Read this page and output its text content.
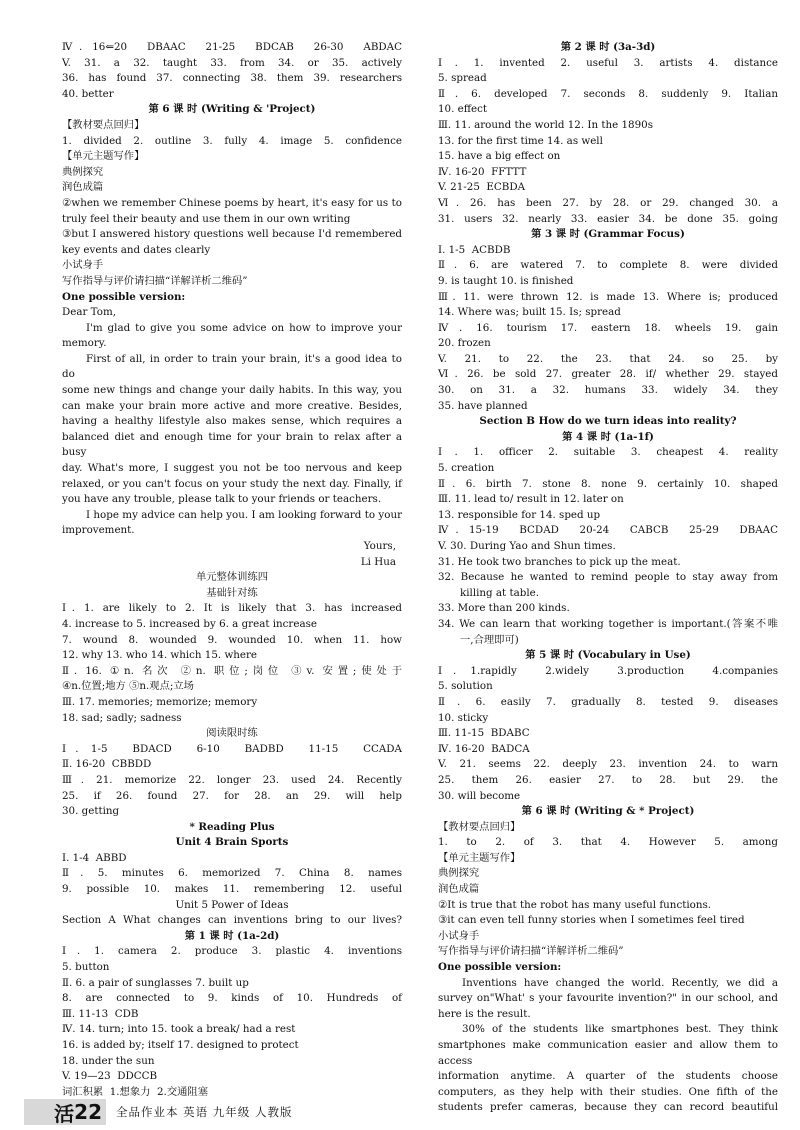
Ⅳ. 16⇐20  DBAAC  21-25  BDCAB  26-30  ABDAC
V. 31. a 32. taught 33. from 34. or 35. actively
36. has found 37. connecting 38. them 39. researchers
40. better
第 6 课 时 (Writing & 'Project)
【教材要点回归】
1. divided 2. outline 3. fully 4. image 5. confidence
【单元主题写作】
典例探究
润色成篇
②when we remember Chinese poems by heart, it's easy for us to
truly feel their beauty and use them in our own writing
③but I answered history questions well because I'd remembered
key events and dates clearly
小试身手
写作指导与评价请扫描“详解详析二维码”
One possible version:
Dear Tom,
I'm glad to give you some advice on how to improve your
memory.
First of all, in order to train your brain, it's a good idea to do
some new things and change your daily habits. In this way, you
can make your brain more active and more creative. Besides,
having a healthy lifestyle also makes sense, which requires a
balanced diet and enough time for your brain to relax after a busy
day. What's more, I suggest you not be too nervous and keep
relaxed, or you can't focus on your study the next day. Finally, if
you have any trouble, please talk to your friends or teachers.
I hope my advice can help you. I am looking forward to your
improvement.
Yours,
Li Hua
单元整体训练四
基础针对练
Ⅰ. 1. are likely to 2. It is likely that 3. has increased
4. increase to 5. increased by 6. a great increase
7. wound 8. wounded 9. wounded 10. when 11. how
12. why 13. who 14. which 15. where
Ⅱ. 16. ①n. 名次 ②n. 职位;岗位 ③v. 安置;使处于
④n.位置;地方 ⑤n.观点;立场
Ⅲ. 17. memories; memorize; memory
18. sad; sadly; sadness
阅读限时练
Ⅰ. 1-5  BDACD  6-10  BADBD  11-15  CCADA
Ⅱ. 16-20  CBBDD
Ⅲ. 21. memorize 22. longer 23. used 24. Recently
25. if 26. found 27. for 28. an 29. will help
30. getting
* Reading Plus
Unit 4 Brain Sports
Ⅰ. 1-4  ABBD
Ⅱ. 5. minutes 6. memorized 7. China 8. names
9. possible 10. makes 11. remembering 12. useful
Unit 5 Power of Ideas
Section A What changes can inventions bring to our lives?
第 1 课 时 (1a-2d)
Ⅰ. 1. camera 2. produce 3. plastic 4. inventions
5. button
Ⅱ. 6. a pair of sunglasses 7. built up
8. are connected to 9. kinds of 10. Hundreds of
Ⅲ. 11-13  CDB
Ⅳ. 14. turn; into 15. took a break/ had a rest
16. is added by; itself 17. designed to protect
18. under the sun
V. 19—23  DDCCB
词汇积累  1.想象力  2.交通阻塞
第 2 课 时 (3a-3d)
Ⅰ. 1. invented 2. useful 3. artists 4. distance
5. spread
Ⅱ. 6. developed 7. seconds 8. suddenly 9. Italian
10. effect
Ⅲ. 11. around the world 12. In the 1890s
13. for the first time 14. as well
15. have a big effect on
Ⅳ. 16-20  FFTTT
V. 21-25  ECBDA
Ⅵ. 26. has been 27. by 28. or 29. changed 30. a
31. users 32. nearly 33. easier 34. be done 35. going
第 3 课 时 (Grammar Focus)
Ⅰ. 1-5  ACBDB
Ⅱ. 6. are watered 7. to complete 8. were divided
9. is taught 10. is finished
Ⅲ. 11. were thrown 12. is made 13. Where is; produced
14. Where was; built 15. Is; spread
Ⅳ. 16. tourism 17. eastern 18. wheels 19. gain
20. frozen
V. 21. to 22. the 23. that 24. so 25. by
Ⅵ. 26. be sold 27. greater 28. if/ whether 29. stayed
30. on 31. a 32. humans 33. widely 34. they
35. have planned
Section B How do we turn ideas into reality?
第 4 课 时 (1a-1f)
Ⅰ. 1. officer 2. suitable 3. cheapest 4. reality
5. creation
Ⅱ. 6. birth 7. stone 8. none 9. certainly 10. shaped
Ⅲ. 11. lead to/ result in 12. later on
13. responsible for 14. sped up
Ⅳ. 15-19  BCDAD  20-24  CABCB  25-29  DBAAC
V. 30. During Yao and Shun times.
31. He took two branches to pick up the meat.
32. Because he wanted to remind people to stay away from
killing at table.
33. More than 200 kinds.
34. We can learn that working together is important.(答案不唯
一,合理即可)
第 5 课 时 (Vocabulary in Use)
Ⅰ. 1.rapidly  2.widely  3.production  4.companies
5. solution
Ⅱ. 6. easily 7. gradually 8. tested 9. diseases
10. sticky
Ⅲ. 11-15  BDABC
Ⅳ. 16-20  BADCA
V. 21. seems 22. deeply 23. invention 24. to warn
25. them 26. easier 27. to 28. but 29. the
30. will become
第 6 课 时 (Writing & * Project)
【教材要点回归】
1. to 2. of 3. that 4. However 5. among
【单元主题写作】
典例探究
润色成篇
②It is true that the robot has many useful functions.
③it can even tell funny stories when I sometimes feel tired
小试身手
写作指导与评价请扫描“详解详析二维码”
One possible version:
Inventions have changed the world. Recently, we did a
survey on"What' s your favourite invention?" in our school, and
here is the result.
30% of the students like smartphones best. They think
smartphones make communication easier and allow them to access
information anytime. A quarter of the students choose
computers, as they help with their studies. One fifth of the
students prefer cameras, because they can record beautiful
活 22 全品作业本 英语 九年级 人教版
